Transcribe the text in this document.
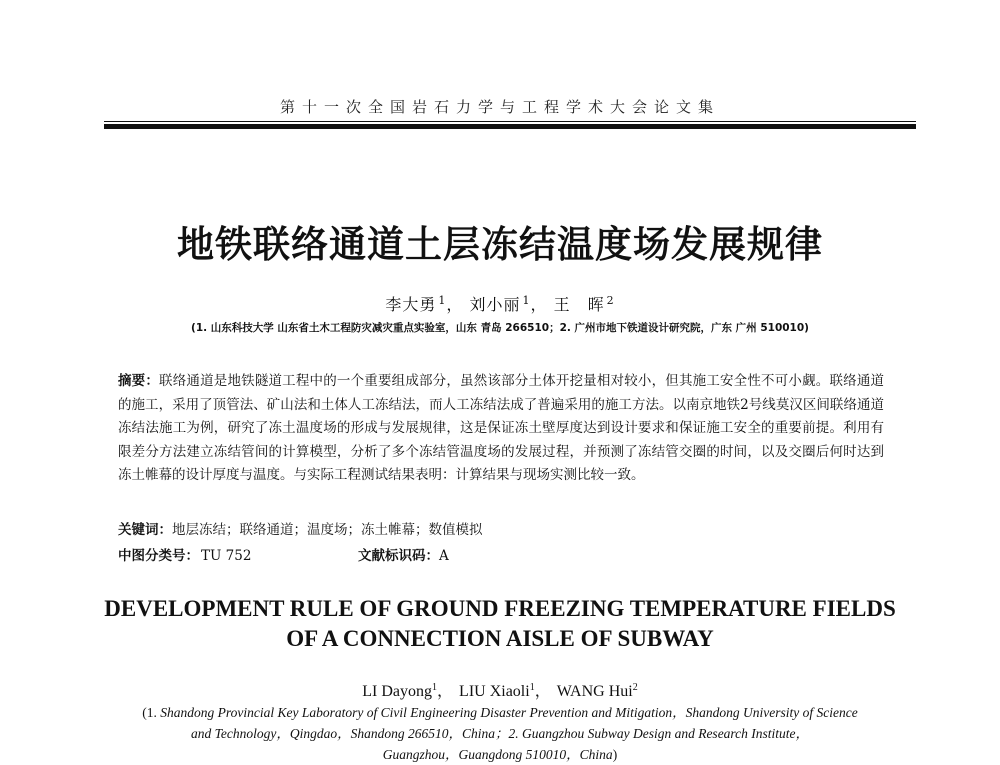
第十一次全国岩石力学与工程学术大会论文集
地铁联络通道土层冻结温度场发展规律
李大勇 $^1$， 刘小丽 $^1$， 王　晖 $^2$
(1. 山东科技大学 山东省土木工程防灾减灾重点实验室，山东 青岛 266510；2. 广州市地下铁道设计研究院，广东 广州 510010)
摘要：联络通道是地铁隧道工程中的一个重要组成部分，虽然该部分土体开挖量相对较小，但其施工安全性不可小觑。联络通道的施工，采用了顶管法、矿山法和土体人工冻结法，而人工冻结法成了普遍采用的施工方法。以南京地铁2号线莫汉区间联络通道冻结法施工为例，研究了冻土温度场的形成与发展规律，这是保证冻土壁厚度达到设计要求和保证施工安全的重要前提。利用有限差分方法建立冻结管间的计算模型，分析了多个冻结管温度场的发展过程，并预测了冻结管交圈的时间，以及交圈后何时达到冻土帷幕的设计厚度与温度。与实际工程测试结果表明：计算结果与现场实测比较一致。
关键词：地层冻结；联络通道；温度场；冻土帷幕；数值模拟
中图分类号： TU 752	文献标识码：A
DEVELOPMENT RULE OF GROUND FREEZING TEMPERATURE FIELDS
OF A CONNECTION AISLE OF SUBWAY
LI Dayong$^1$， LIU Xiaoli$^1$， WANG Hui$^2$
(1. Shandong Provincial Key Laboratory of Civil Engineering Disaster Prevention and Mitigation，Shandong University of Science
and Technology，Qingdao，Shandong 266510，China；2. Guangzhou Subway Design and Research Institute，
Guangzhou，Guangdong 510010，China)
